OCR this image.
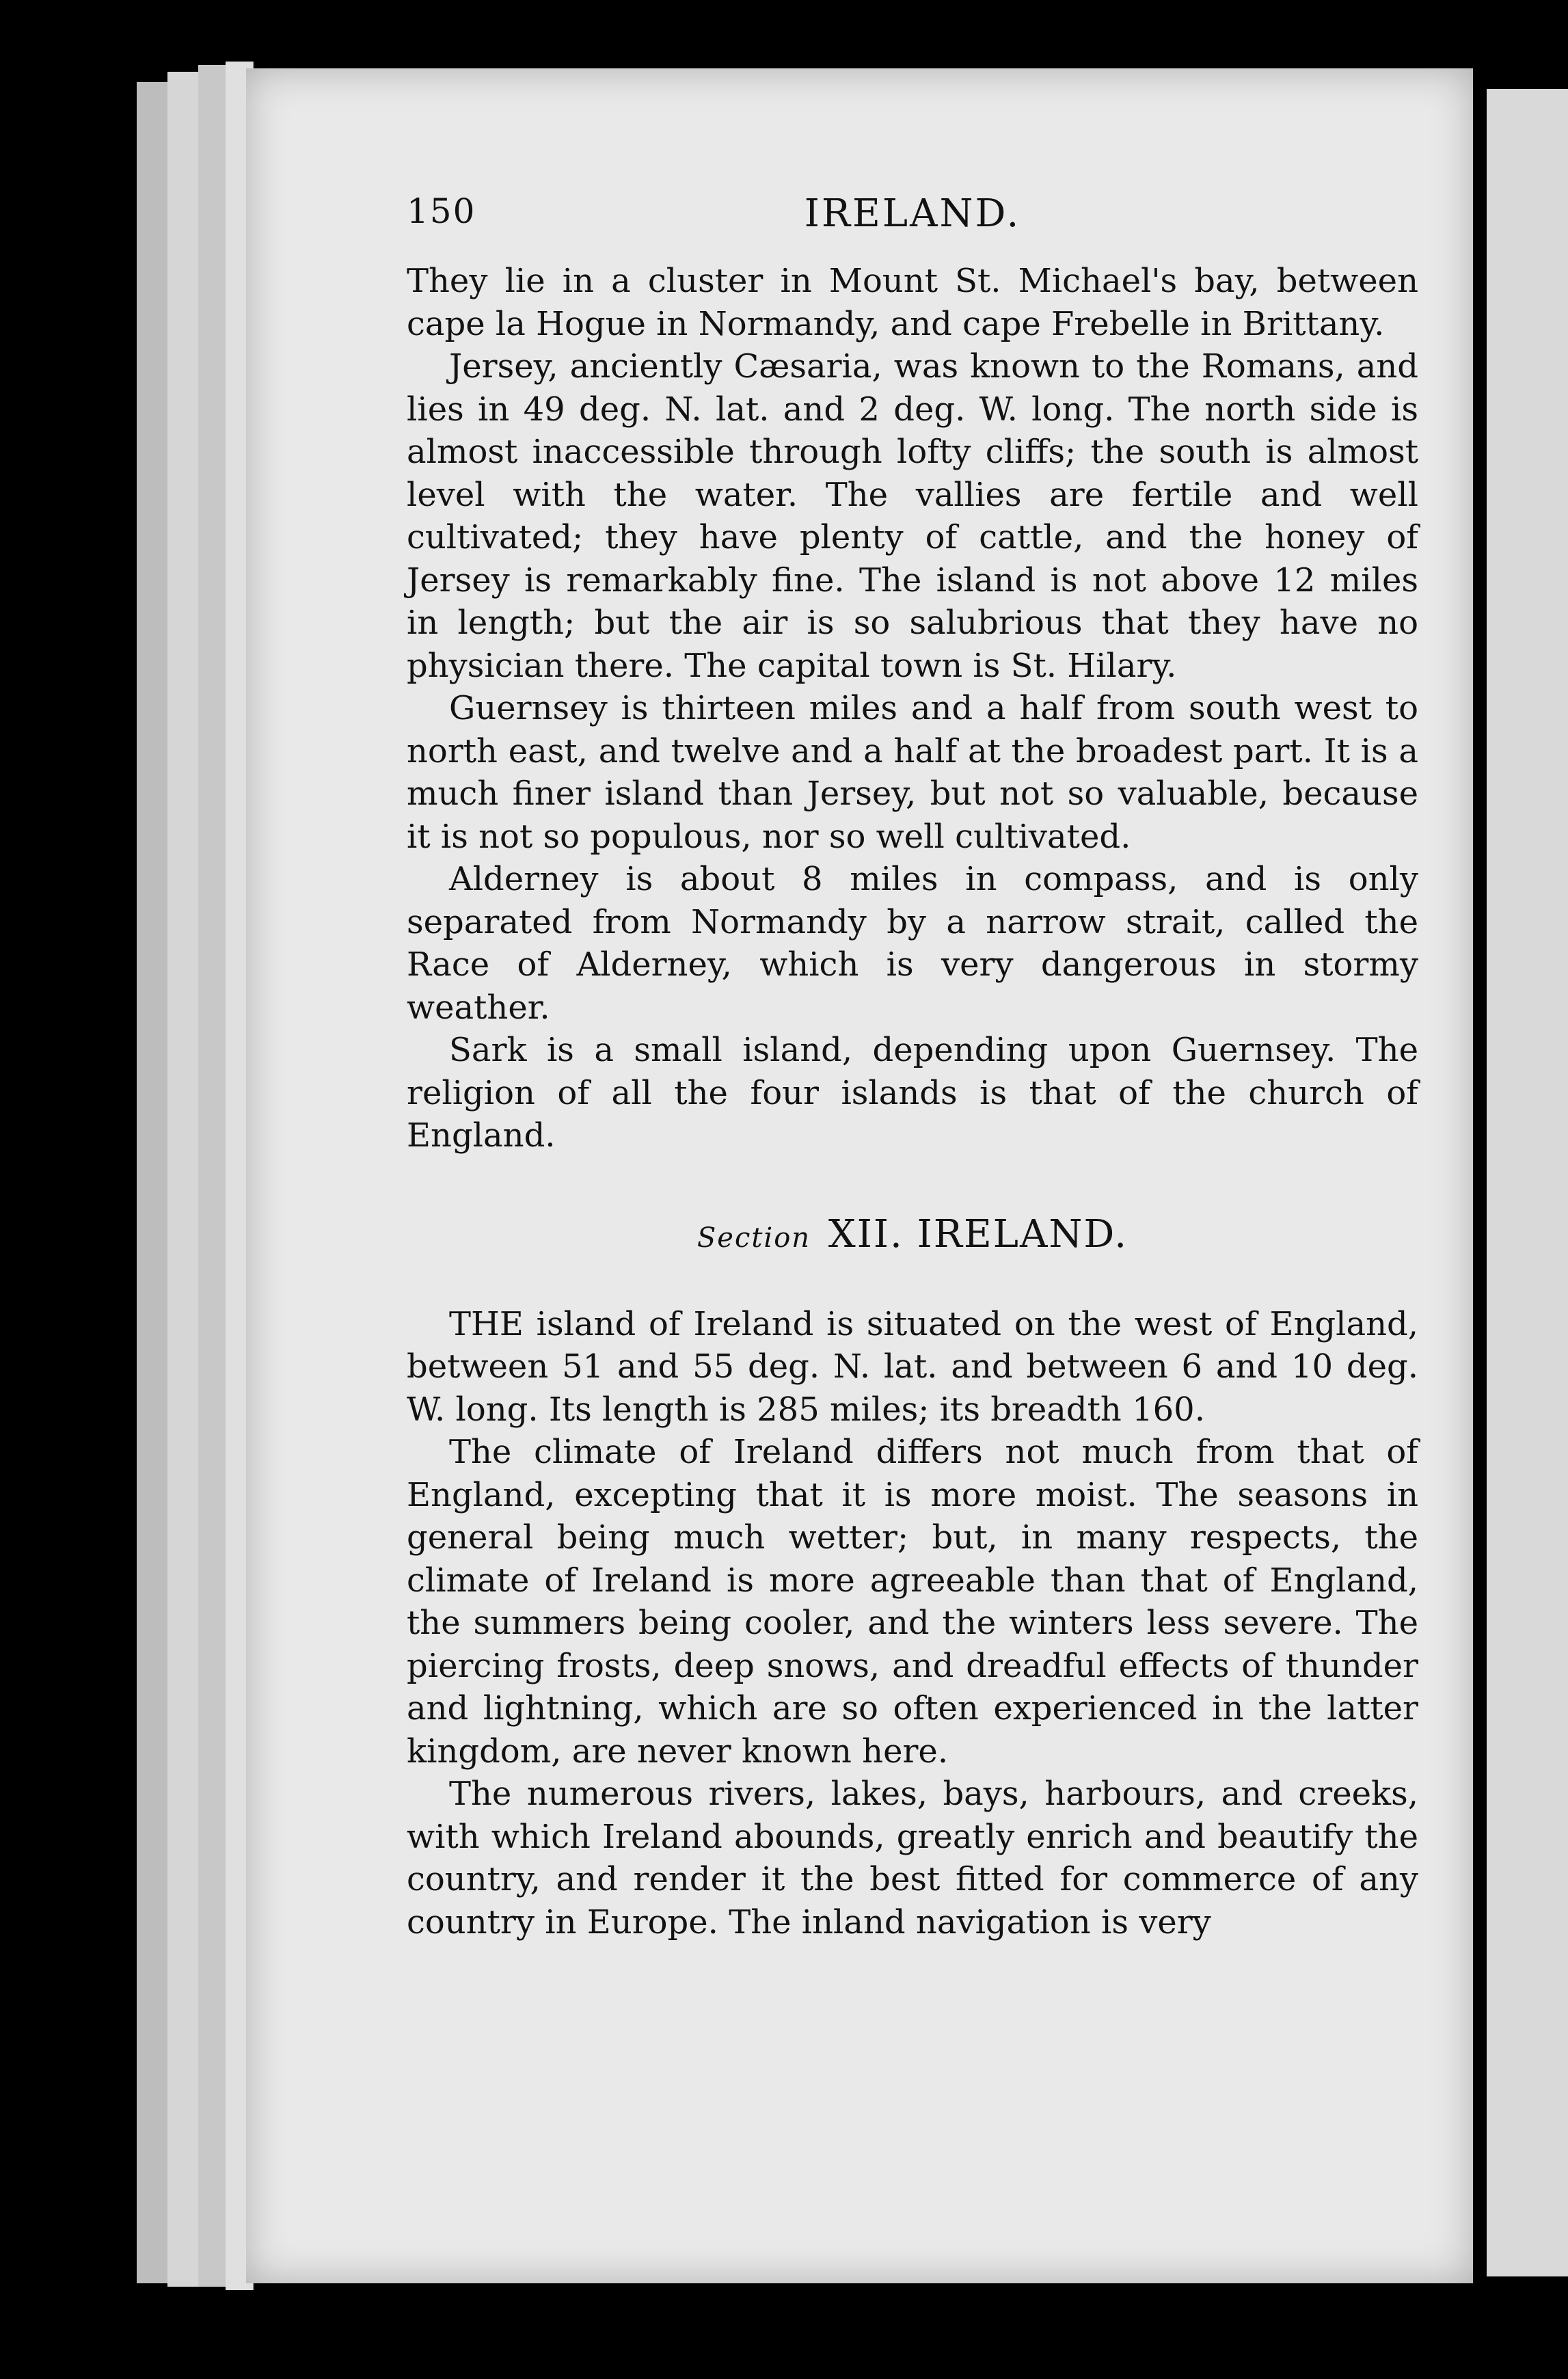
150	IRELAND.

They lie in a cluster in Mount St. Michael's bay, between cape la Hogue in Normandy, and cape Frebelle in Brittany.

Jersey, anciently Cæsaria, was known to the Romans, and lies in 49 deg. N. lat. and 2 deg. W. long. The north side is almost inaccessible through lofty cliffs; the south is almost level with the water. The vallies are fertile and well cultivated; they have plenty of cattle, and the honey of Jersey is remarkably fine. The island is not above 12 miles in length; but the air is so salubrious that they have no physician there. The capital town is St. Hilary.

Guernsey is thirteen miles and a half from south west to north east, and twelve and a half at the broadest part. It is a much finer island than Jersey, but not so valuable, because it is not so populous, nor so well cultivated.

Alderney is about 8 miles in compass, and is only separated from Normandy by a narrow strait, called the Race of Alderney, which is very dangerous in stormy weather.

Sark is a small island, depending upon Guernsey. The religion of all the four islands is that of the church of England.

Section XII. IRELAND.

THE island of Ireland is situated on the west of England, between 51 and 55 deg. N. lat. and between 6 and 10 deg. W. long. Its length is 285 miles; its breadth 160.

The climate of Ireland differs not much from that of England, excepting that it is more moist. The seasons in general being much wetter; but, in many respects, the climate of Ireland is more agreeable than that of England, the summers being cooler, and the winters less severe. The piercing frosts, deep snows, and dreadful effects of thunder and lightning, which are so often experienced in the latter kingdom, are never known here.

The numerous rivers, lakes, bays, harbours, and creeks, with which Ireland abounds, greatly enrich and beautify the country, and render it the best fitted for commerce of any country in Europe. The inland navigation is very
